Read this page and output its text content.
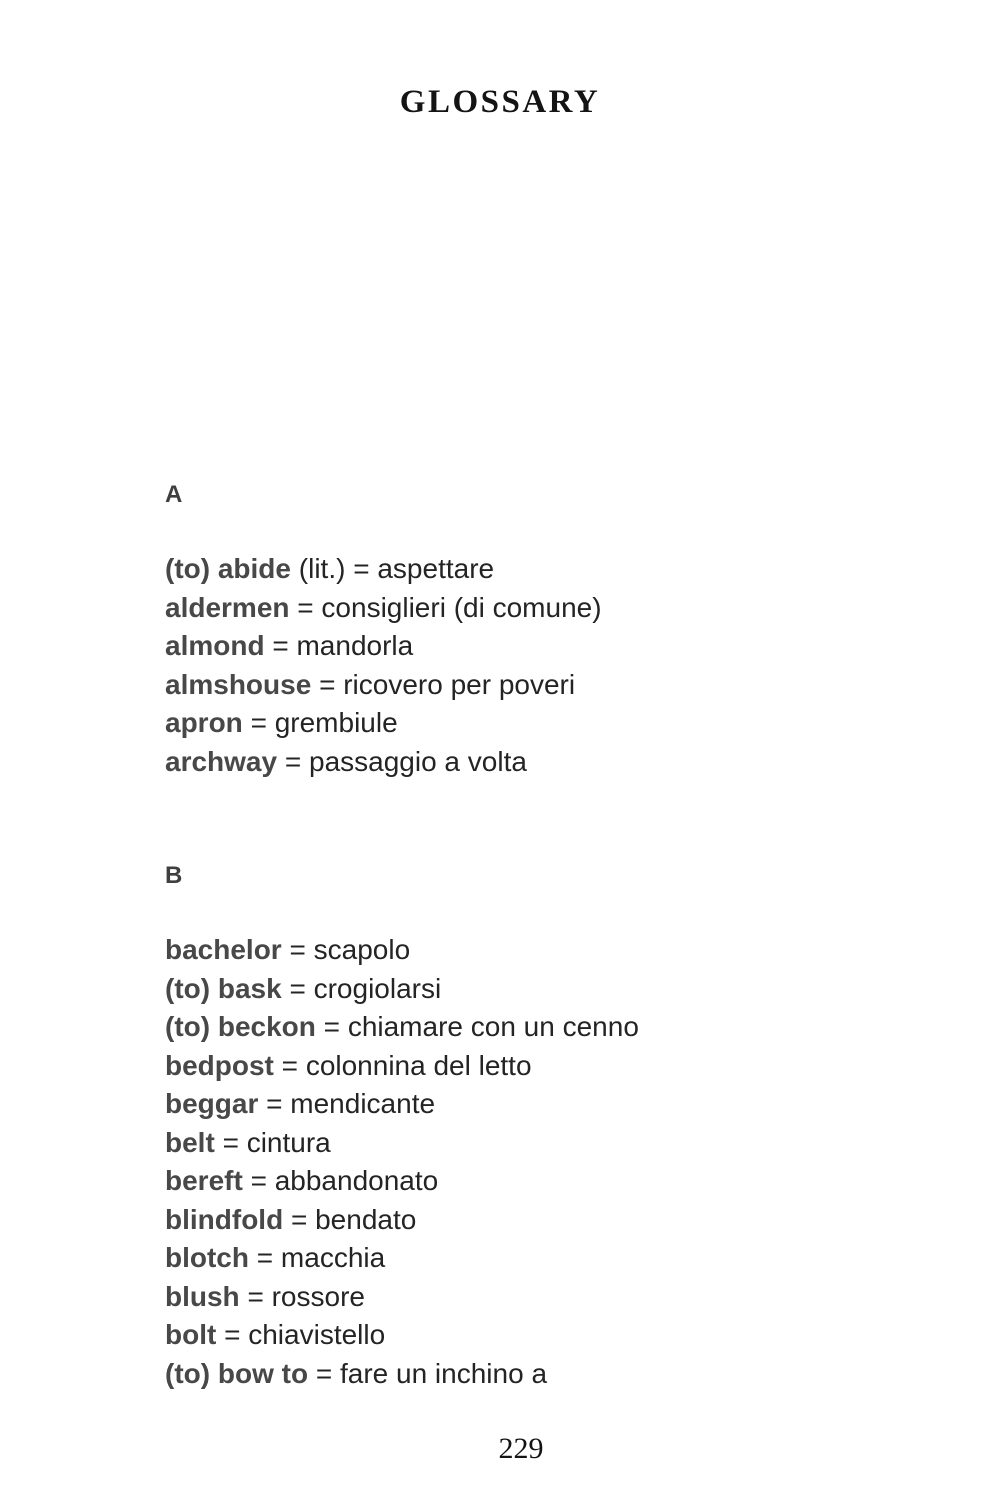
GLOSSARY
A

(to) abide (lit.) = aspettare

aldermen = consiglieri (di comune)

almond = mandorla

almshouse = ricovero per poveri

apron = grembiule

archway = passaggio a volta

B

bachelor = scapolo

(to) bask = crogiolarsi

(to) beckon = chiamare con un cenno

bedpost = colonnina del letto

beggar = mendicante

belt = cintura

bereft = abbandonato

blindfold = bendato

blotch = macchia

blush = rossore

bolt = chiavistello

(to) bow to = fare un inchino a

229
